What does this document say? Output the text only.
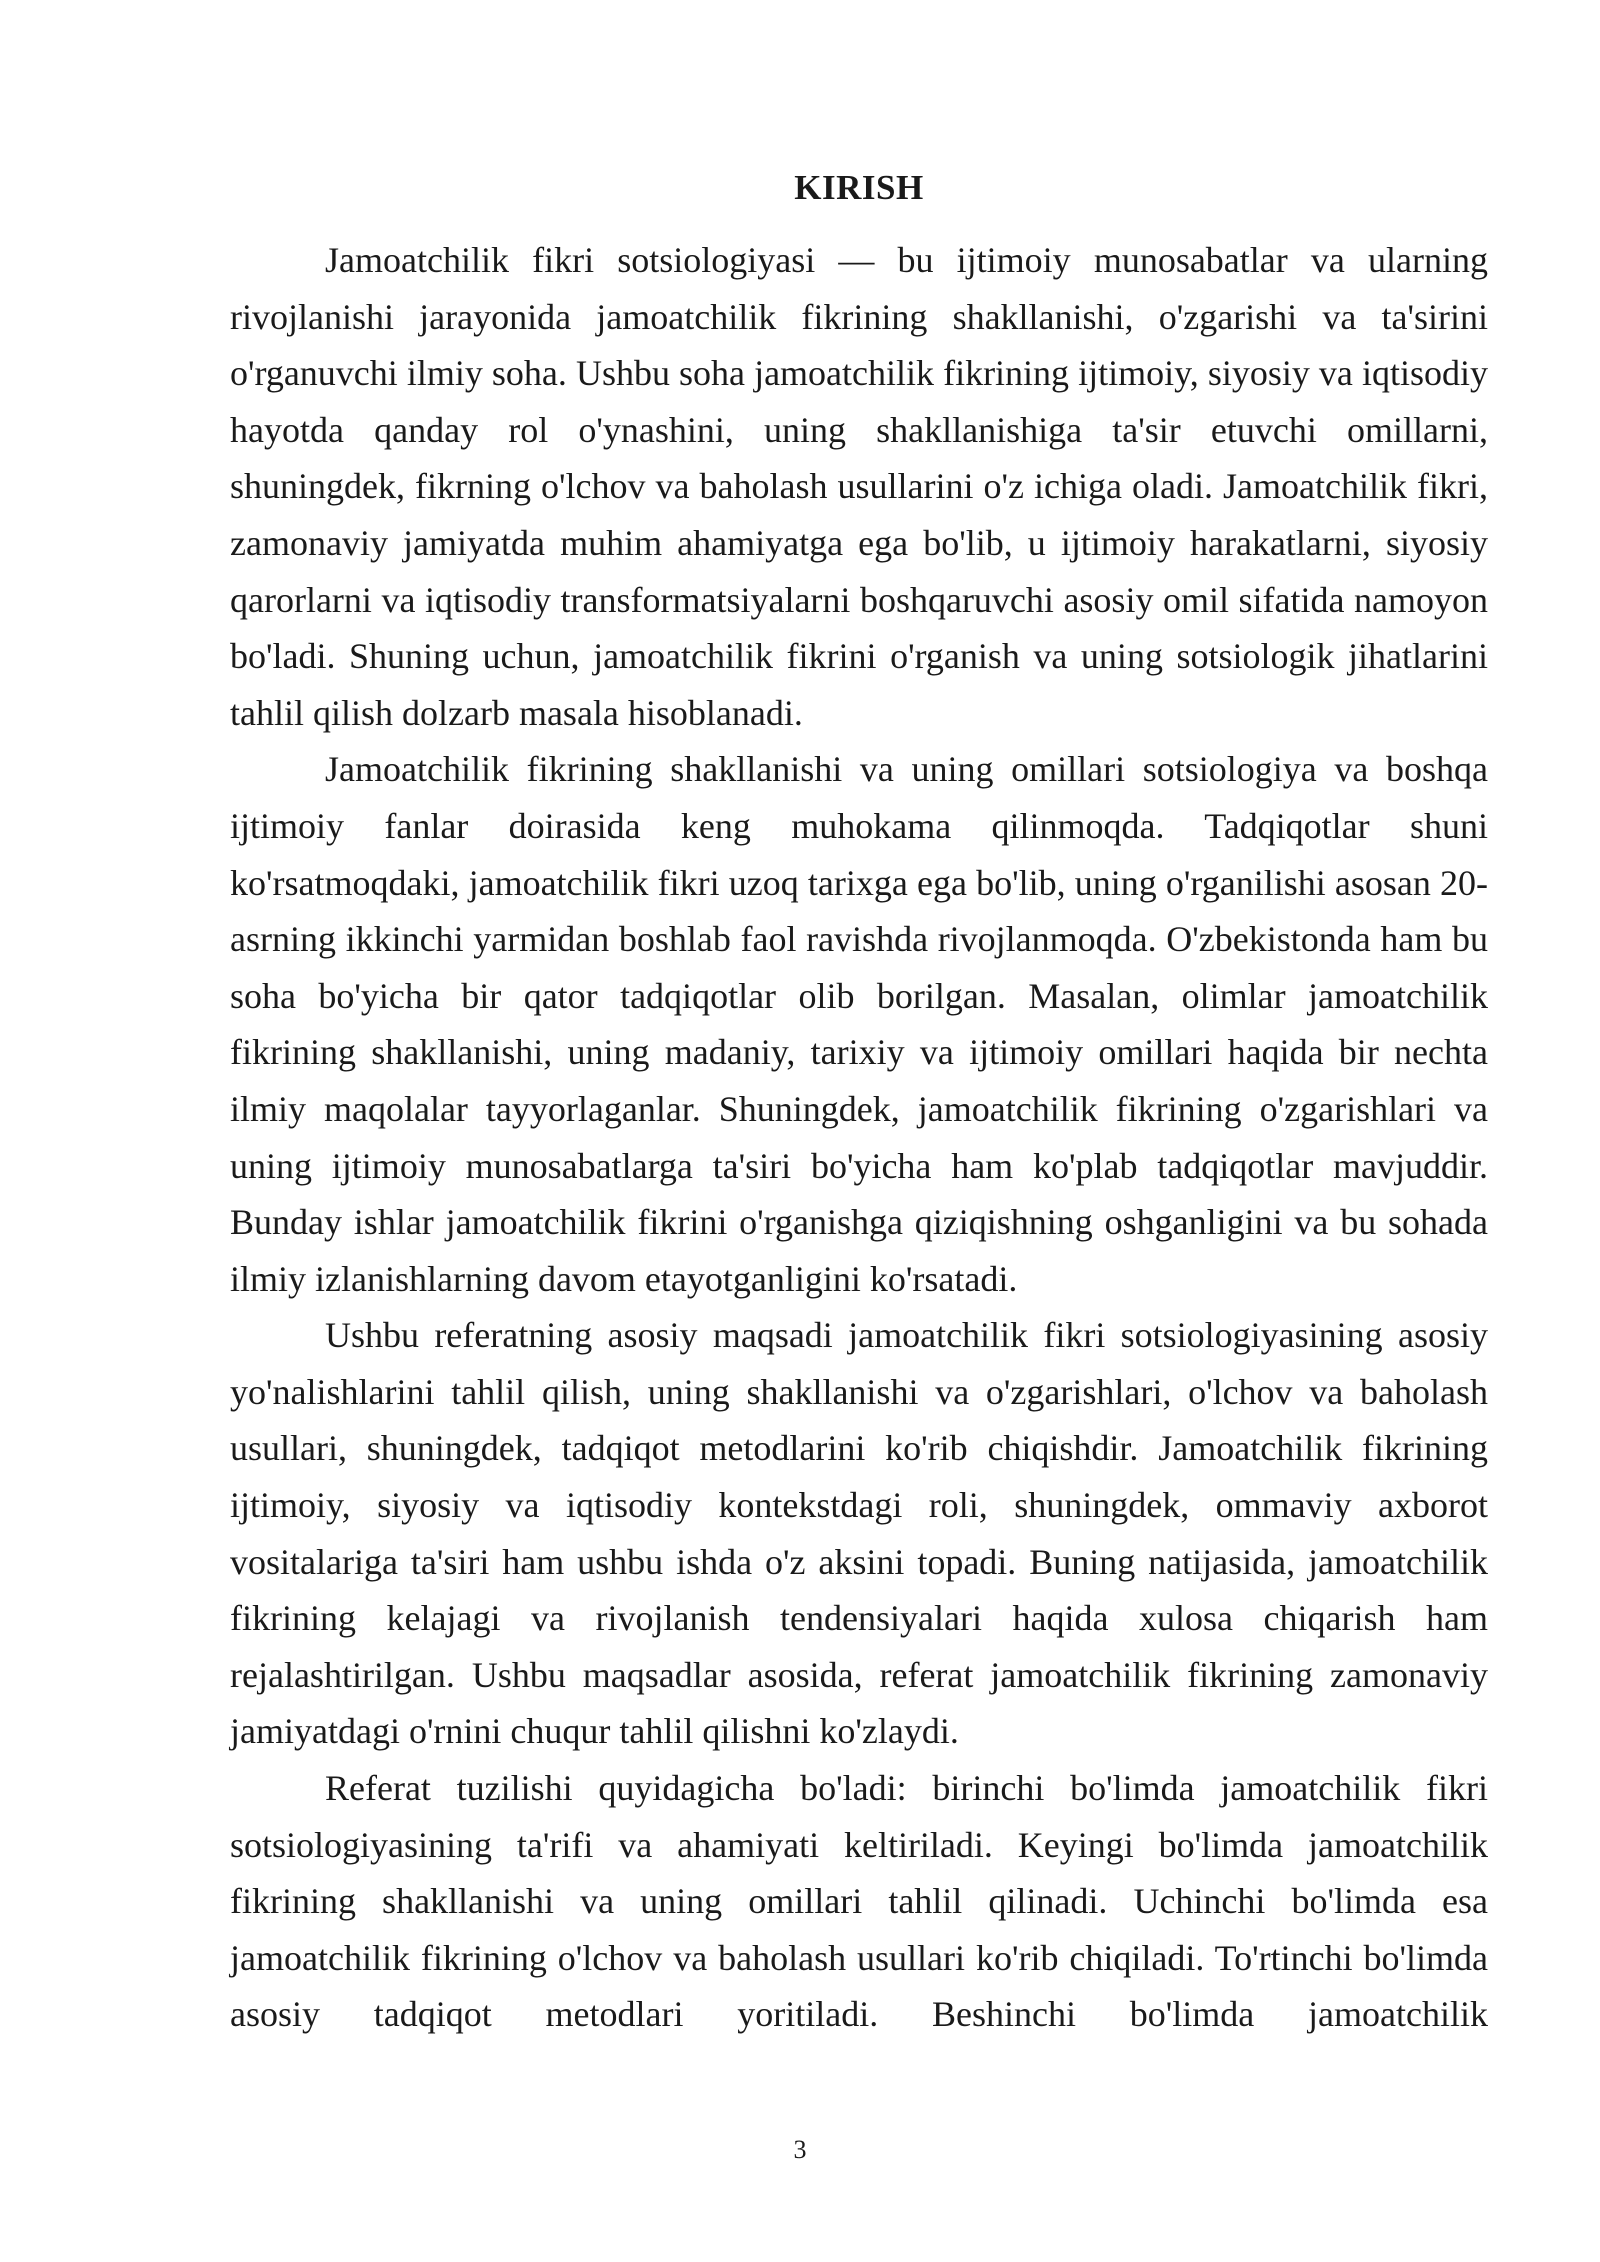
KIRISH

Jamoatchilik fikri sotsiologiyasi — bu ijtimoiy munosabatlar va ularning rivojlanishi jarayonida jamoatchilik fikrining shakllanishi, o'zgarishi va ta'sirini o'rganuvchi ilmiy soha. Ushbu soha jamoatchilik fikrining ijtimoiy, siyosiy va iqtisodiy hayotda qanday rol o'ynashini, uning shakllanishiga ta'sir etuvchi omillarni, shuningdek, fikrning o'lchov va baholash usullarini o'z ichiga oladi. Jamoatchilik fikri, zamonaviy jamiyatda muhim ahamiyatga ega bo'lib, u ijtimoiy harakatlarni, siyosiy qarorlarni va iqtisodiy transformatsiyalarni boshqaruvchi asosiy omil sifatida namoyon bo'ladi. Shuning uchun, jamoatchilik fikrini o'rganish va uning sotsiologik jihatlarini tahlil qilish dolzarb masala hisoblanadi.

Jamoatchilik fikrining shakllanishi va uning omillari sotsiologiya va boshqa ijtimoiy fanlar doirasida keng muhokama qilinmoqda. Tadqiqotlar shuni ko'rsatmoqdaki, jamoatchilik fikri uzoq tarixga ega bo'lib, uning o'rganilishi asosan 20-asrning ikkinchi yarmidan boshlab faol ravishda rivojlanmoqda. O'zbekistonda ham bu soha bo'yicha bir qator tadqiqotlar olib borilgan. Masalan, olimlar jamoatchilik fikrining shakllanishi, uning madaniy, tarixiy va ijtimoiy omillari haqida bir nechta ilmiy maqolalar tayyorlaganlar. Shuningdek, jamoatchilik fikrining o'zgarishlari va uning ijtimoiy munosabatlarga ta'siri bo'yicha ham ko'plab tadqiqotlar mavjuddir. Bunday ishlar jamoatchilik fikrini o'rganishga qiziqishning oshganligini va bu sohada ilmiy izlanishlarning davom etayotganligini ko'rsatadi.

Ushbu referatning asosiy maqsadi jamoatchilik fikri sotsiologiyasining asosiy yo'nalishlarini tahlil qilish, uning shakllanishi va o'zgarishlari, o'lchov va baholash usullari, shuningdek, tadqiqot metodlarini ko'rib chiqishdir. Jamoatchilik fikrining ijtimoiy, siyosiy va iqtisodiy kontekstdagi roli, shuningdek, ommaviy axborot vositalariga ta'siri ham ushbu ishda o'z aksini topadi. Buning natijasida, jamoatchilik fikrining kelajagi va rivojlanish tendensiyalari haqida xulosa chiqarish ham rejalashtirilgan. Ushbu maqsadlar asosida, referat jamoatchilik fikrining zamonaviy jamiyatdagi o'rnini chuqur tahlil qilishni ko'zlaydi.

Referat tuzilishi quyidagicha bo'ladi: birinchi bo'limda jamoatchilik fikri sotsiologiyasining ta'rifi va ahamiyati keltiriladi. Keyingi bo'limda jamoatchilik fikrining shakllanishi va uning omillari tahlil qilinadi. Uchinchi bo'limda esa jamoatchilik fikrining o'lchov va baholash usullari ko'rib chiqiladi. To'rtinchi bo'limda asosiy tadqiqot metodlari yoritiladi. Beshinchi bo'limda jamoatchilik

3
